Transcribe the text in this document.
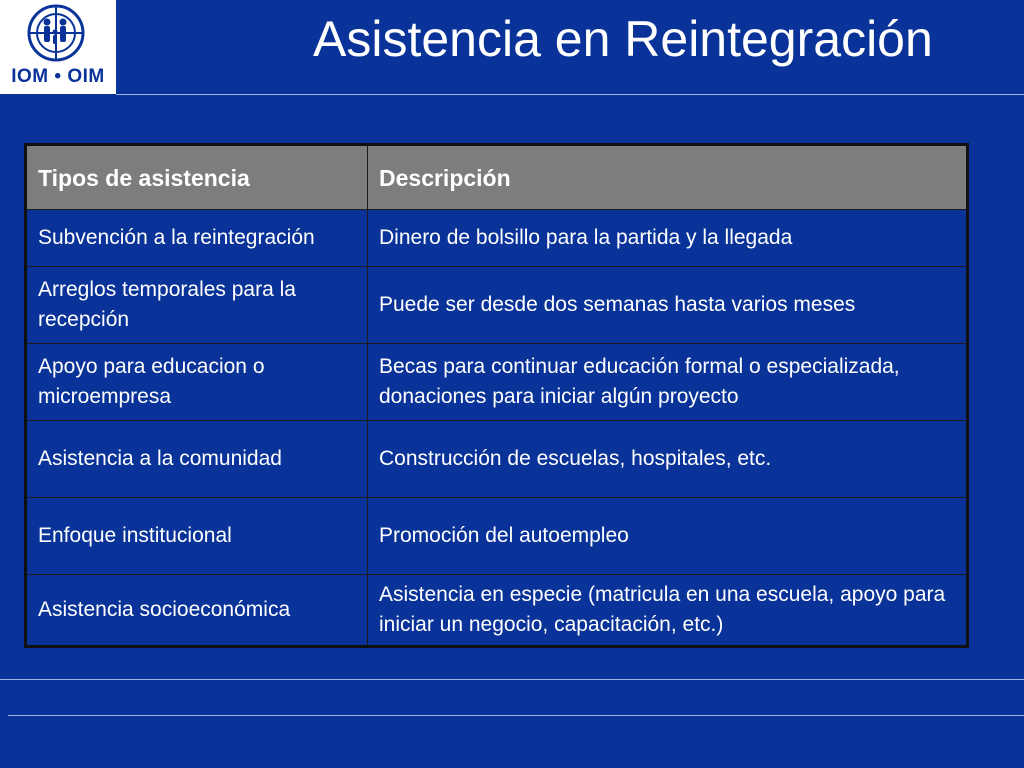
IOM • OIM
Asistencia en Reintegración
Tipos de asistencia	Descripción
Subvención a la reintegración	Dinero de bolsillo para la partida y la llegada
Arreglos temporales para la recepción	Puede ser desde dos semanas hasta varios meses
Apoyo para educacion o microempresa	Becas para continuar educación formal o especializada, donaciones para iniciar algún proyecto
Asistencia a la comunidad	Construcción de escuelas, hospitales, etc.
Enfoque institucional	Promoción del autoempleo
Asistencia socioeconómica	Asistencia en especie (matricula en una escuela, apoyo para iniciar un negocio, capacitación, etc.)
